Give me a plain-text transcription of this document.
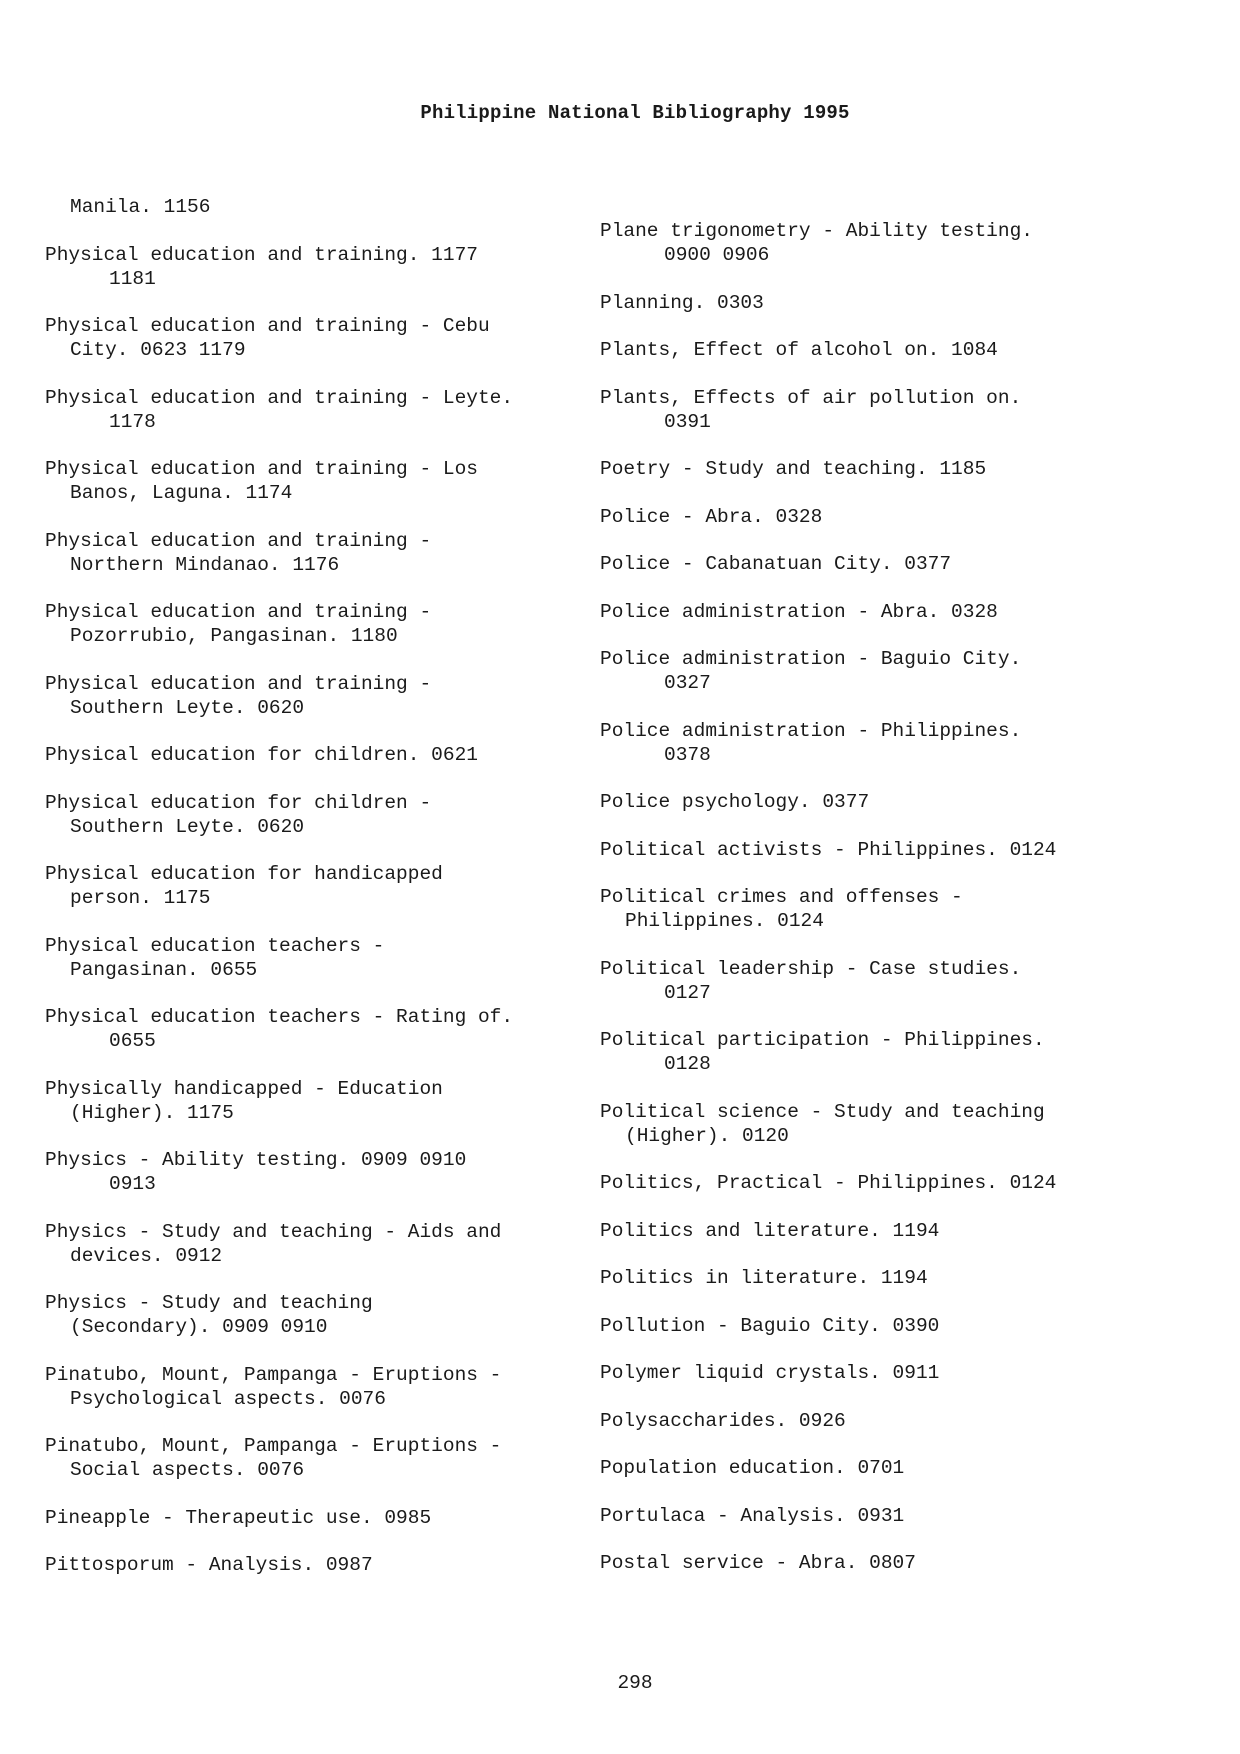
Philippine National Bibliography 1995

Manila. 1156
Physical education and training. 1177
1181
Physical education and training - Cebu
City. 0623 1179
Physical education and training - Leyte.
1178
Physical education and training - Los
Banos, Laguna. 1174
Physical education and training -
Northern Mindanao. 1176
Physical education and training -
Pozorrubio, Pangasinan. 1180
Physical education and training -
Southern Leyte. 0620
Physical education for children. 0621
Physical education for children -
Southern Leyte. 0620
Physical education for handicapped
person. 1175
Physical education teachers -
Pangasinan. 0655
Physical education teachers - Rating of.
0655
Physically handicapped - Education
(Higher). 1175
Physics - Ability testing. 0909 0910
0913
Physics - Study and teaching - Aids and
devices. 0912
Physics - Study and teaching
(Secondary). 0909 0910
Pinatubo, Mount, Pampanga - Eruptions -
Psychological aspects. 0076
Pinatubo, Mount, Pampanga - Eruptions -
Social aspects. 0076
Pineapple - Therapeutic use. 0985
Pittosporum - Analysis. 0987
Plane trigonometry - Ability testing.
0900 0906
Planning. 0303
Plants, Effect of alcohol on. 1084
Plants, Effects of air pollution on.
0391
Poetry - Study and teaching. 1185
Police - Abra. 0328
Police - Cabanatuan City. 0377
Police administration - Abra. 0328
Police administration - Baguio City.
0327
Police administration - Philippines.
0378
Police psychology. 0377
Political activists - Philippines. 0124
Political crimes and offenses -
Philippines. 0124
Political leadership - Case studies.
0127
Political participation - Philippines.
0128
Political science - Study and teaching
(Higher). 0120
Politics, Practical - Philippines. 0124
Politics and literature. 1194
Politics in literature. 1194
Pollution - Baguio City. 0390
Polymer liquid crystals. 0911
Polysaccharides. 0926
Population education. 0701
Portulaca - Analysis. 0931
Postal service - Abra. 0807
298
